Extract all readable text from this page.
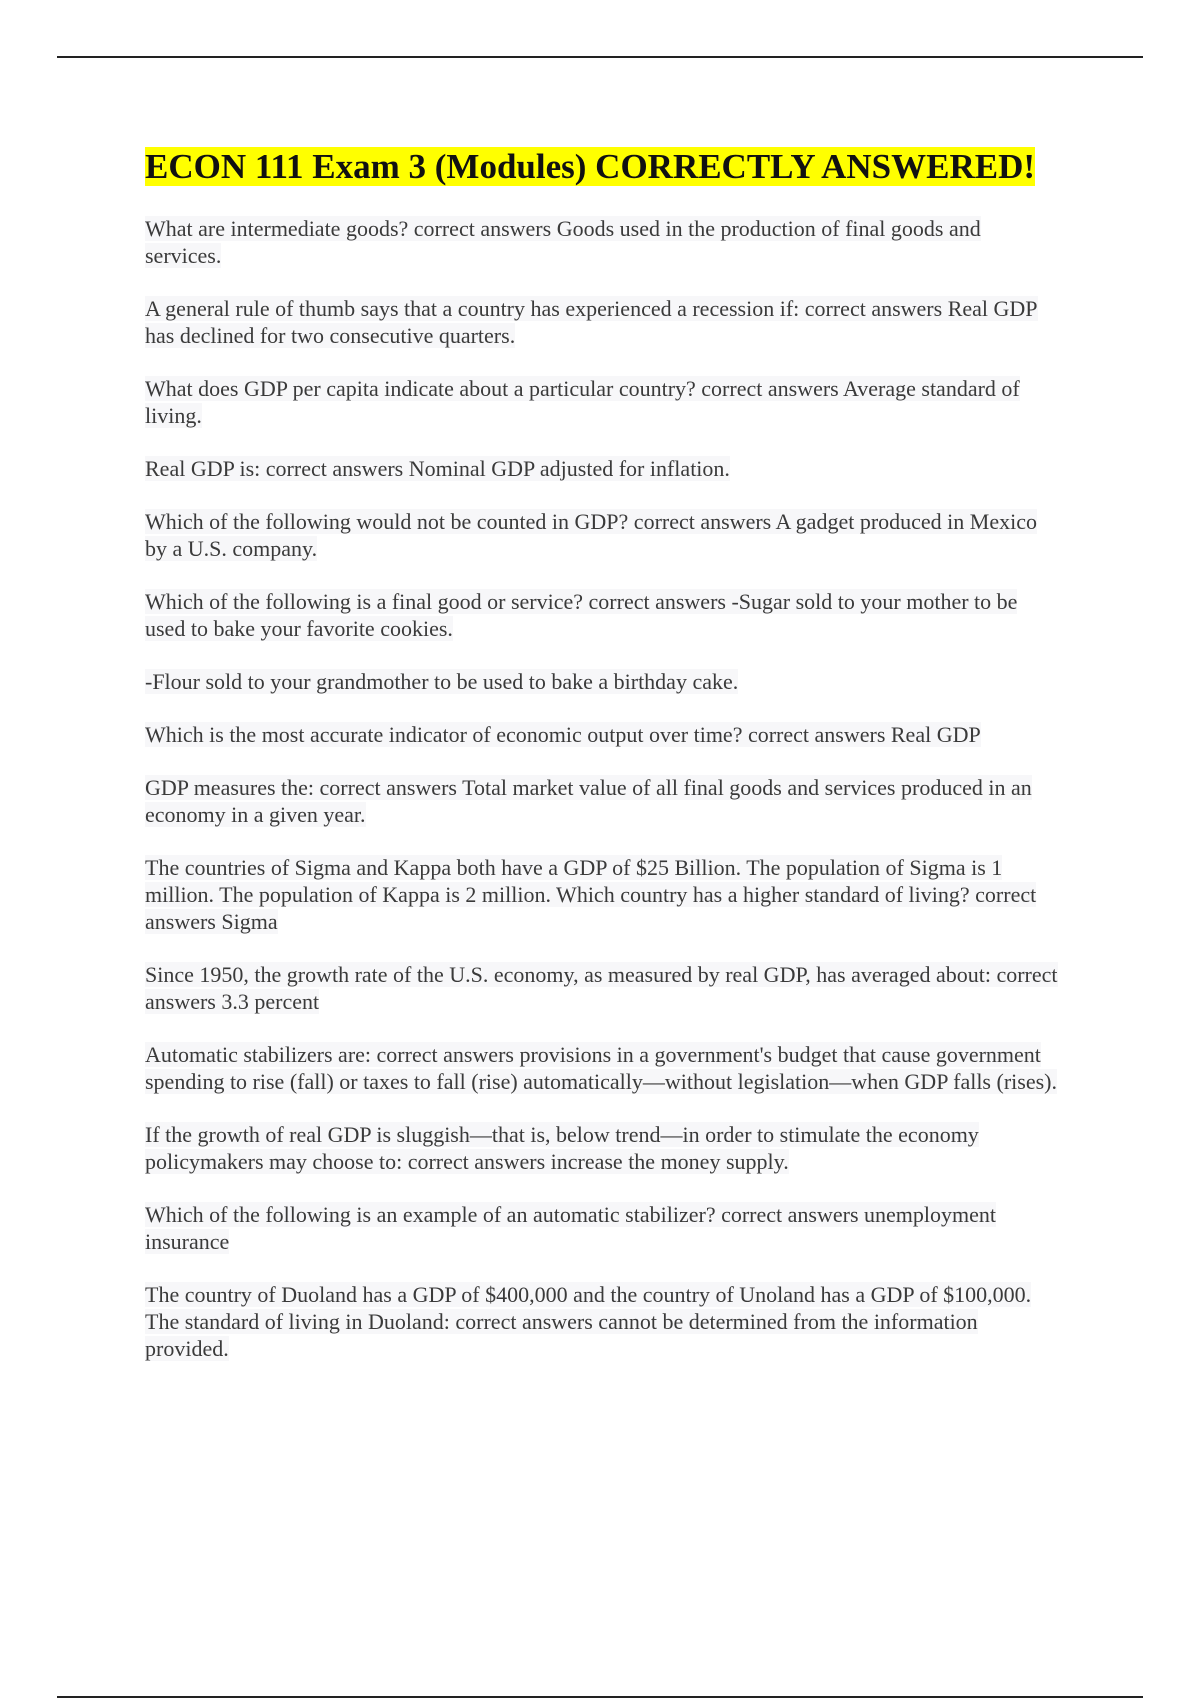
ECON 111 Exam 3 (Modules) CORRECTLY ANSWERED!

What are intermediate goods? correct answers Goods used in the production of final goods and services.

A general rule of thumb says that a country has experienced a recession if: correct answers Real GDP has declined for two consecutive quarters.

What does GDP per capita indicate about a particular country? correct answers Average standard of living.

Real GDP is: correct answers Nominal GDP adjusted for inflation.

Which of the following would not be counted in GDP? correct answers A gadget produced in Mexico by a U.S. company.

Which of the following is a final good or service? correct answers -Sugar sold to your mother to be used to bake your favorite cookies.

-Flour sold to your grandmother to be used to bake a birthday cake.

Which is the most accurate indicator of economic output over time? correct answers Real GDP

GDP measures the: correct answers Total market value of all final goods and services produced in an economy in a given year.

The countries of Sigma and Kappa both have a GDP of $25 Billion. The population of Sigma is 1 million. The population of Kappa is 2 million. Which country has a higher standard of living? correct answers Sigma

Since 1950, the growth rate of the U.S. economy, as measured by real GDP, has averaged about: correct answers 3.3 percent

Automatic stabilizers are: correct answers provisions in a government's budget that cause government spending to rise (fall) or taxes to fall (rise) automatically—without legislation—when GDP falls (rises).

If the growth of real GDP is sluggish—that is, below trend—in order to stimulate the economy policymakers may choose to: correct answers increase the money supply.

Which of the following is an example of an automatic stabilizer? correct answers unemployment insurance

The country of Duoland has a GDP of $400,000 and the country of Unoland has a GDP of $100,000. The standard of living in Duoland: correct answers cannot be determined from the information provided.
